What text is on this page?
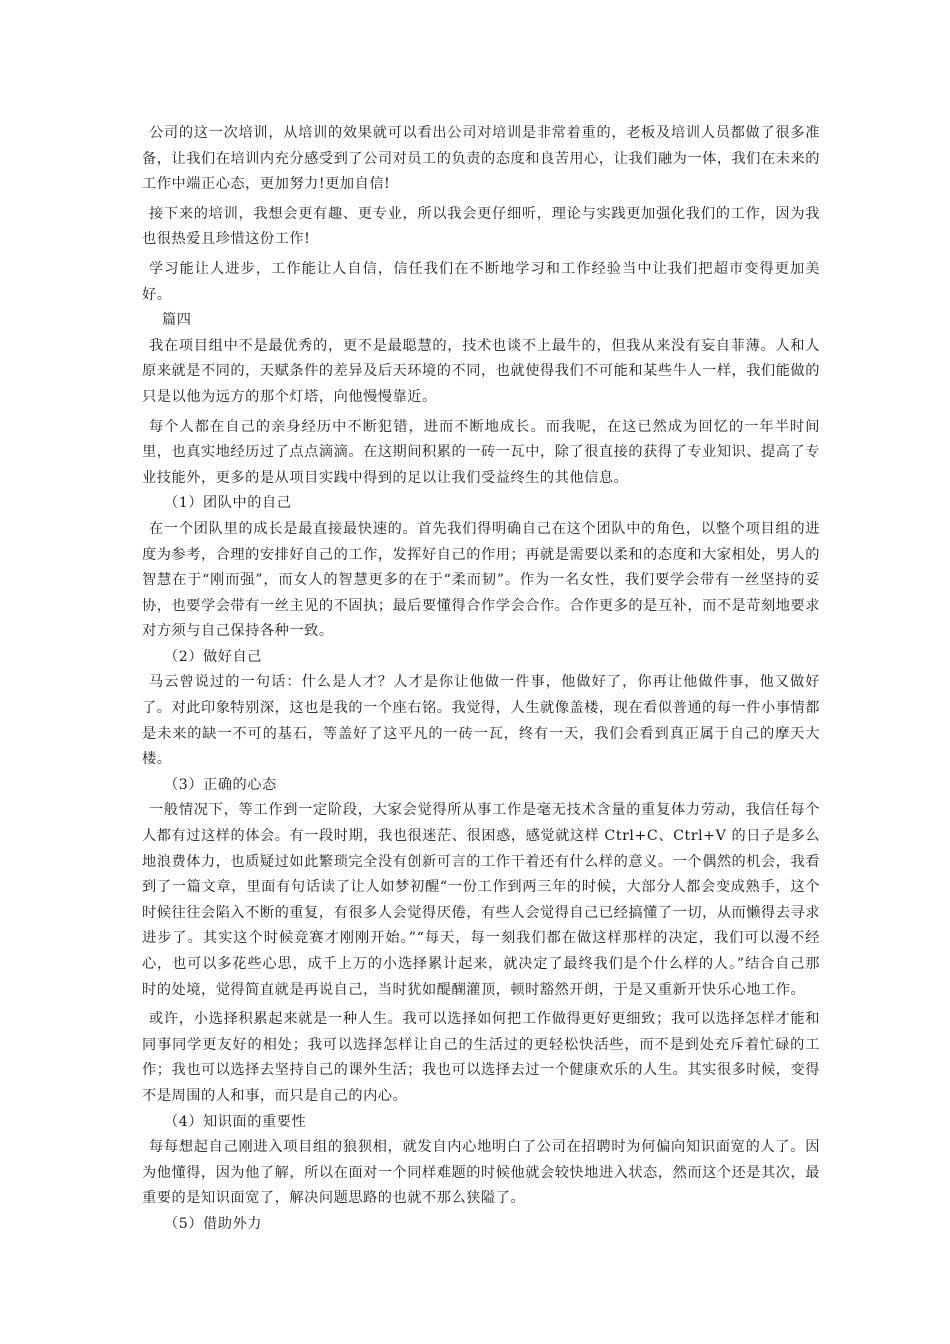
公司的这一次培训，从培训的效果就可以看出公司对培训是非常着重的，老板及培训人员都做了很多准备，让我们在培训内充分感受到了公司对员工的负责的态度和良苦用心，让我们融为一体，我们在未来的工作中端正心态，更加努力!更加自信!

接下来的培训，我想会更有趣、更专业，所以我会更仔细听，理论与实践更加强化我们的工作，因为我也很热爱且珍惜这份工作!

学习能让人进步，工作能让人自信，信任我们在不断地学习和工作经验当中让我们把超市变得更加美好。

篇四

我在项目组中不是最优秀的，更不是最聪慧的，技术也谈不上最牛的，但我从来没有妄自菲薄。人和人原来就是不同的，天赋条件的差异及后天环境的不同，也就使得我们不可能和某些牛人一样，我们能做的只是以他为远方的那个灯塔，向他慢慢靠近。

每个人都在自己的亲身经历中不断犯错，进而不断地成长。而我呢，在这已然成为回忆的一年半时间里，也真实地经历过了点点滴滴。在这期间积累的一砖一瓦中，除了很直接的获得了专业知识、提高了专业技能外，更多的是从项目实践中得到的足以让我们受益终生的其他信息。

（1）团队中的自己

在一个团队里的成长是最直接最快速的。首先我们得明确自己在这个团队中的角色，以整个项目组的进度为参考，合理的安排好自己的工作，发挥好自己的作用；再就是需要以柔和的态度和大家相处，男人的智慧在于“刚而强”，而女人的智慧更多的在于“柔而韧”。作为一名女性，我们要学会带有一丝坚持的妥协，也要学会带有一丝主见的不固执；最后要懂得合作学会合作。合作更多的是互补，而不是苛刻地要求对方须与自己保持各种一致。

（2）做好自己

马云曾说过的一句话：什么是人才？人才是你让他做一件事，他做好了，你再让他做件事，他又做好了。对此印象特别深，这也是我的一个座右铭。我觉得，人生就像盖楼，现在看似普通的每一件小事情都是未来的缺一不可的基石，等盖好了这平凡的一砖一瓦，终有一天，我们会看到真正属于自己的摩天大楼。

（3）正确的心态

一般情况下，等工作到一定阶段，大家会觉得所从事工作是毫无技术含量的重复体力劳动，我信任每个人都有过这样的体会。有一段时期，我也很迷茫、很困惑，感觉就这样 Ctrl+C、Ctrl+V 的日子是多么地浪费体力，也质疑过如此繁琐完全没有创新可言的工作干着还有什么样的意义。一个偶然的机会，我看到了一篇文章，里面有句话读了让人如梦初醒“一份工作到两三年的时候，大部分人都会变成熟手，这个时候往往会陷入不断的重复，有很多人会觉得厌倦，有些人会觉得自己已经搞懂了一切，从而懒得去寻求进步了。其实这个时候竞赛才刚刚开始。”“每天，每一刻我们都在做这样那样的决定，我们可以漫不经心，也可以多花些心思，成千上万的小选择累计起来，就决定了最终我们是个什么样的人。”结合自己那时的处境，觉得简直就是再说自己，当时犹如醍醐灌顶，顿时豁然开朗，于是又重新开快乐心地工作。

或许，小选择积累起来就是一种人生。我可以选择如何把工作做得更好更细致；我可以选择怎样才能和同事同学更友好的相处；我可以选择怎样让自己的生活过的更轻松快活些，而不是到处充斥着忙碌的工作；我也可以选择去坚持自己的课外生活；我也可以选择去过一个健康欢乐的人生。其实很多时候，变得不是周围的人和事，而只是自己的内心。

（4）知识面的重要性

每每想起自己刚进入项目组的狼狈相，就发自内心地明白了公司在招聘时为何偏向知识面宽的人了。因为他懂得，因为他了解，所以在面对一个同样难题的时候他就会较快地进入状态，然而这个还是其次，最重要的是知识面宽了，解决问题思路的也就不那么狭隘了。

（5）借助外力
